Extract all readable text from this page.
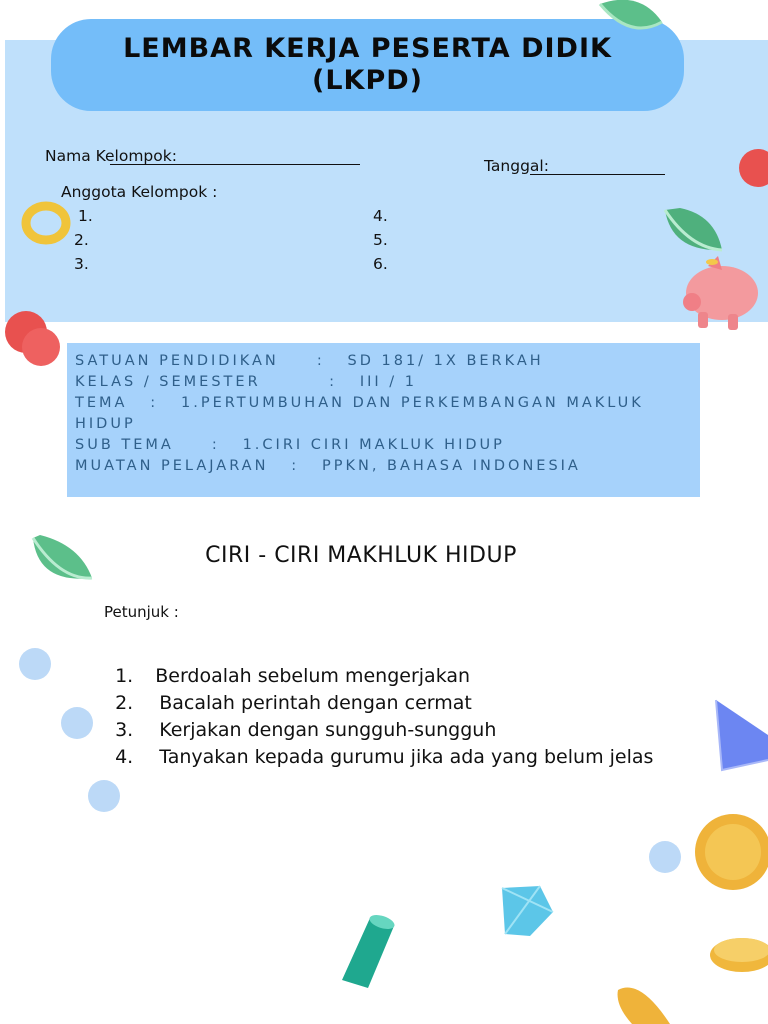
LEMBAR KERJA PESERTA DIDIK
(LKPD)
Nama Kelompok:
Tanggal:
Anggota Kelompok :
1.
2.
3.
4.
5.
6.
SATUAN PENDIDIKAN     :   SD 181/ 1X BERKAH
KELAS / SEMESTER         :   III / 1
TEMA   :   1.PERTUMBUHAN DAN PERKEMBANGAN MAKLUK
HIDUP
SUB TEMA     :   1.CIRI CIRI MAKLUK HIDUP
MUATAN PELAJARAN   :   PPKN, BAHASA INDONESIA
CIRI - CIRI MAKHLUK HIDUP
Petunjuk :

1. Berdoalah sebelum mengerjakan

2. Bacalah perintah dengan cermat

3. Kerjakan dengan sungguh-sungguh

4. Tanyakan kepada gurumu jika ada yang belum jelas
